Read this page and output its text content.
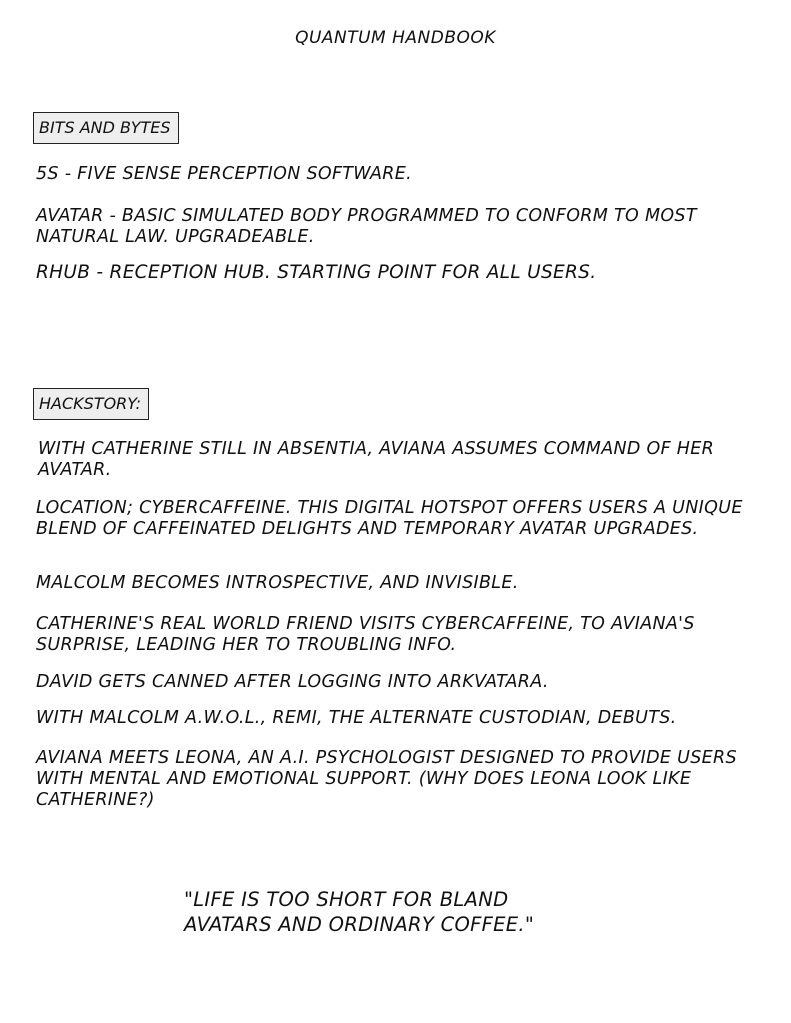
QUANTUM HANDBOOK
BITS AND BYTES
5S - FIVE SENSE PERCEPTION SOFTWARE.
AVATAR - BASIC SIMULATED BODY PROGRAMMED TO CONFORM TO MOST NATURAL LAW. UPGRADEABLE.
RHUB - RECEPTION HUB. STARTING POINT FOR ALL USERS.
HACKSTORY:
WITH CATHERINE STILL IN ABSENTIA, AVIANA ASSUMES COMMAND OF HER AVATAR.
LOCATION; CYBERCAFFEINE. THIS DIGITAL HOTSPOT OFFERS USERS A UNIQUE BLEND OF CAFFEINATED DELIGHTS AND TEMPORARY AVATAR UPGRADES.
MALCOLM BECOMES INTROSPECTIVE, AND INVISIBLE.
CATHERINE'S REAL WORLD FRIEND VISITS CYBERCAFFEINE, TO AVIANA'S SURPRISE, LEADING HER TO TROUBLING INFO.
DAVID GETS CANNED AFTER LOGGING INTO ARKVATARA.
WITH MALCOLM A.W.O.L., REMI, THE ALTERNATE CUSTODIAN, DEBUTS.
AVIANA MEETS LEONA, AN A.I. PSYCHOLOGIST DESIGNED TO PROVIDE USERS WITH MENTAL AND EMOTIONAL SUPPORT. (WHY DOES LEONA LOOK LIKE CATHERINE?)
"LIFE IS TOO SHORT FOR BLAND
AVATARS AND ORDINARY COFFEE."
